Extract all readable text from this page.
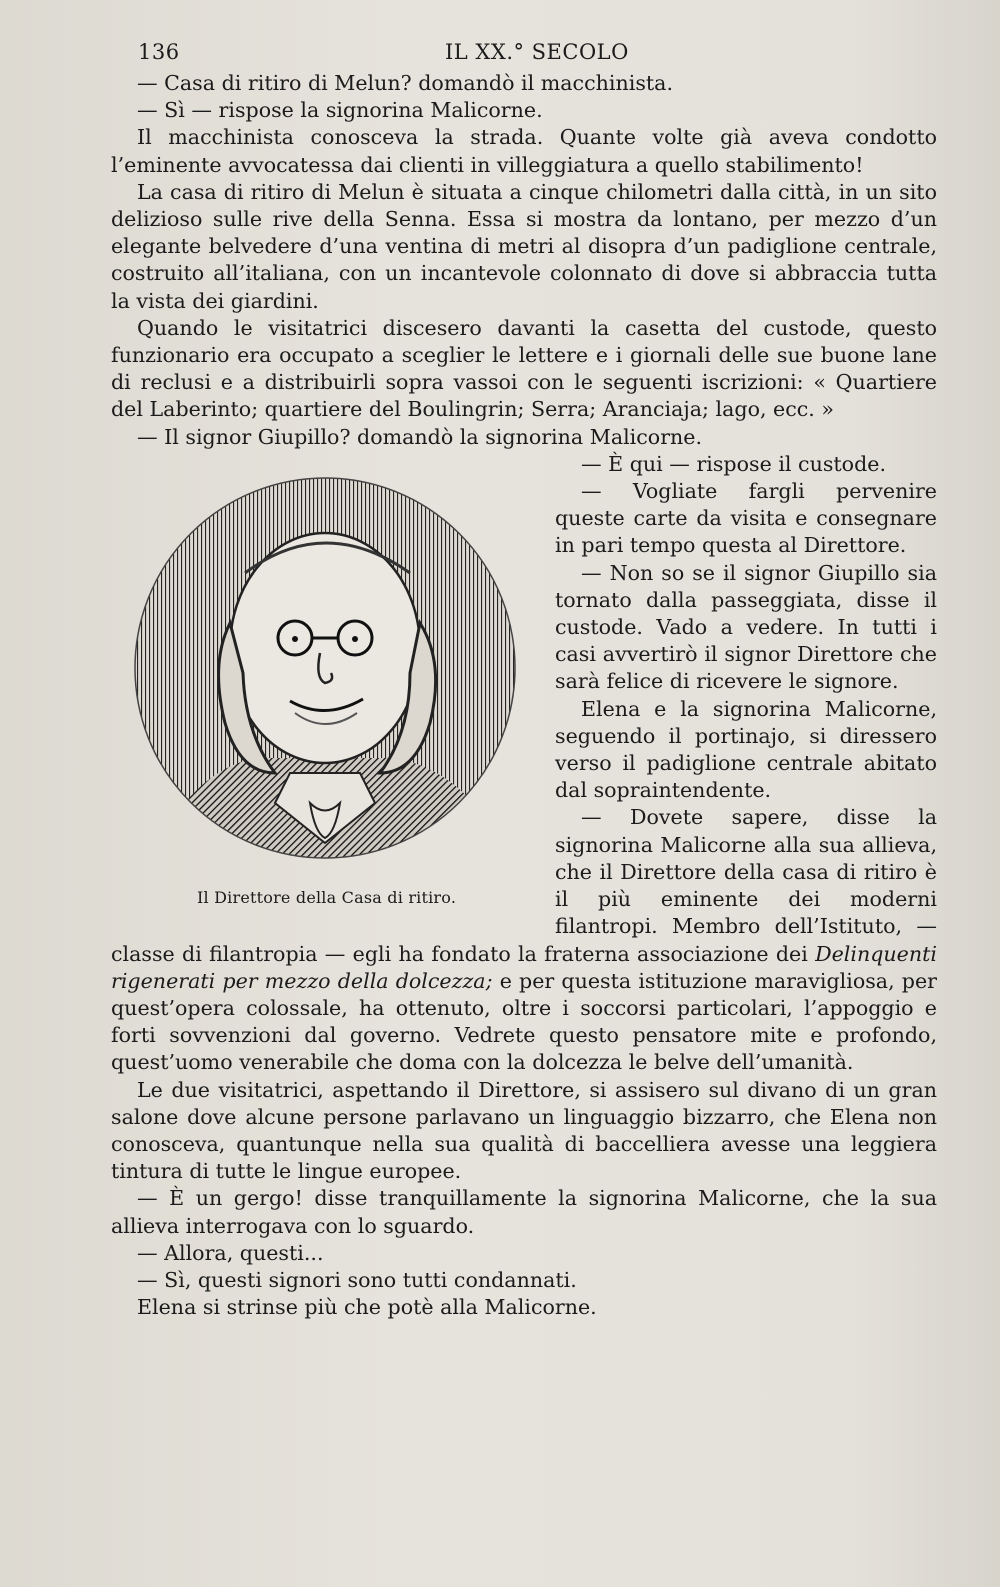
136	IL XX.° SECOLO

— Casa di ritiro di Melun? domandò il macchinista.

— Sì — rispose la signorina Malicorne.

Il macchinista conosceva la strada. Quante volte già aveva condotto l’eminente avvocatessa dai clienti in villeggiatura a quello stabilimento!

La casa di ritiro di Melun è situata a cinque chilometri dalla città, in un sito delizioso sulle rive della Senna. Essa si mostra da lontano, per mezzo d’un elegante belvedere d’una ventina di metri al disopra d’un padiglione centrale, costruito all’italiana, con un incantevole colonnato di dove si abbraccia tutta la vista dei giardini.

Quando le visitatrici discesero davanti la casetta del custode, questo funzionario era occupato a sceglier le lettere e i giornali delle sue buone lane di reclusi e a distribuirli sopra vassoi con le seguenti iscrizioni: « Quartiere del Laberinto; quartiere del Boulingrin; Serra; Aranciaja; lago, ecc. »

— Il signor Giupillo? domandò la signorina Malicorne.

Il Direttore della Casa di ritiro.

— È qui — rispose il custode.

— Vogliate fargli pervenire queste carte da visita e consegnare in pari tempo questa al Direttore.

— Non so se il signor Giupillo sia tornato dalla passeggiata, disse il custode. Vado a vedere. In tutti i casi avvertirò il signor Direttore che sarà felice di ricevere le signore.

Elena e la signorina Malicorne, seguendo il portinajo, si diressero verso il padiglione centrale abitato dal sopraintendente.

— Dovete sapere, disse la signorina Malicorne alla sua allieva, che il Direttore della casa di ritiro è il più eminente dei moderni filantropi. Membro dell’Istituto, — classe di filantropia — egli ha fondato la fraterna associazione dei Delinquenti rigenerati per mezzo della dolcezza; e per questa istituzione maravigliosa, per quest’opera colossale, ha ottenuto, oltre i soccorsi particolari, l’appoggio e forti sovvenzioni dal governo. Vedrete questo pensatore mite e profondo, quest’uomo venerabile che doma con la dolcezza le belve dell’umanità.

Le due visitatrici, aspettando il Direttore, si assisero sul divano di un gran salone dove alcune persone parlavano un linguaggio bizzarro, che Elena non conosceva, quantunque nella sua qualità di baccelliera avesse una leggiera tintura di tutte le lingue europee.

— È un gergo! disse tranquillamente la signorina Malicorne, che la sua allieva interrogava con lo sguardo.

— Allora, questi...

— Sì, questi signori sono tutti condannati.

Elena si strinse più che potè alla Malicorne.
